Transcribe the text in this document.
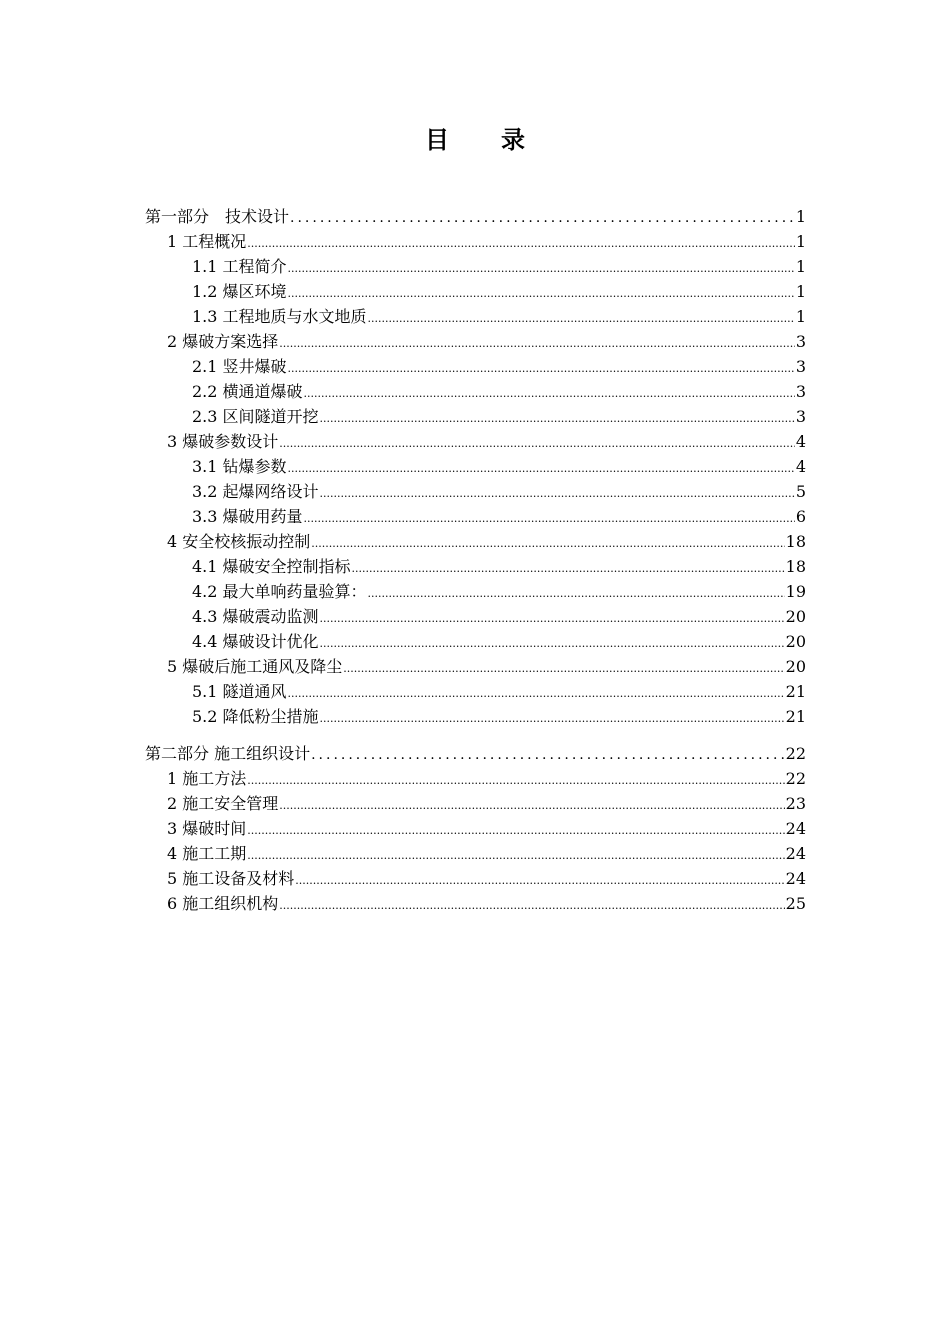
目 录
第一部分　技术设计 .....	1
1 工程概况 .....	1
1.1 工程简介 .....	1
1.2 爆区环境 .....	1
1.3 工程地质与水文地质 .....	1
2 爆破方案选择 .....	3
2.1 竖井爆破 .....	3
2.2 横通道爆破 .....	3
2.3 区间隧道开挖 .....	3
3 爆破参数设计 .....	4
3.1 钻爆参数 .....	4
3.2 起爆网络设计 .....	5
3.3 爆破用药量 .....	6
4 安全校核振动控制 .....	18
4.1 爆破安全控制指标 .....	18
4.2 最大单响药量验算： .....	19
4.3 爆破震动监测 .....	20
4.4 爆破设计优化 .....	20
5 爆破后施工通风及降尘 .....	20
5.1 隧道通风 .....	21
5.2 降低粉尘措施 .....	21
第二部分 施工组织设计 .....	22
1 施工方法 .....	22
2 施工安全管理 .....	23
3 爆破时间 .....	24
4 施工工期 .....	24
5 施工设备及材料 .....	24
6 施工组织机构 .....	25
